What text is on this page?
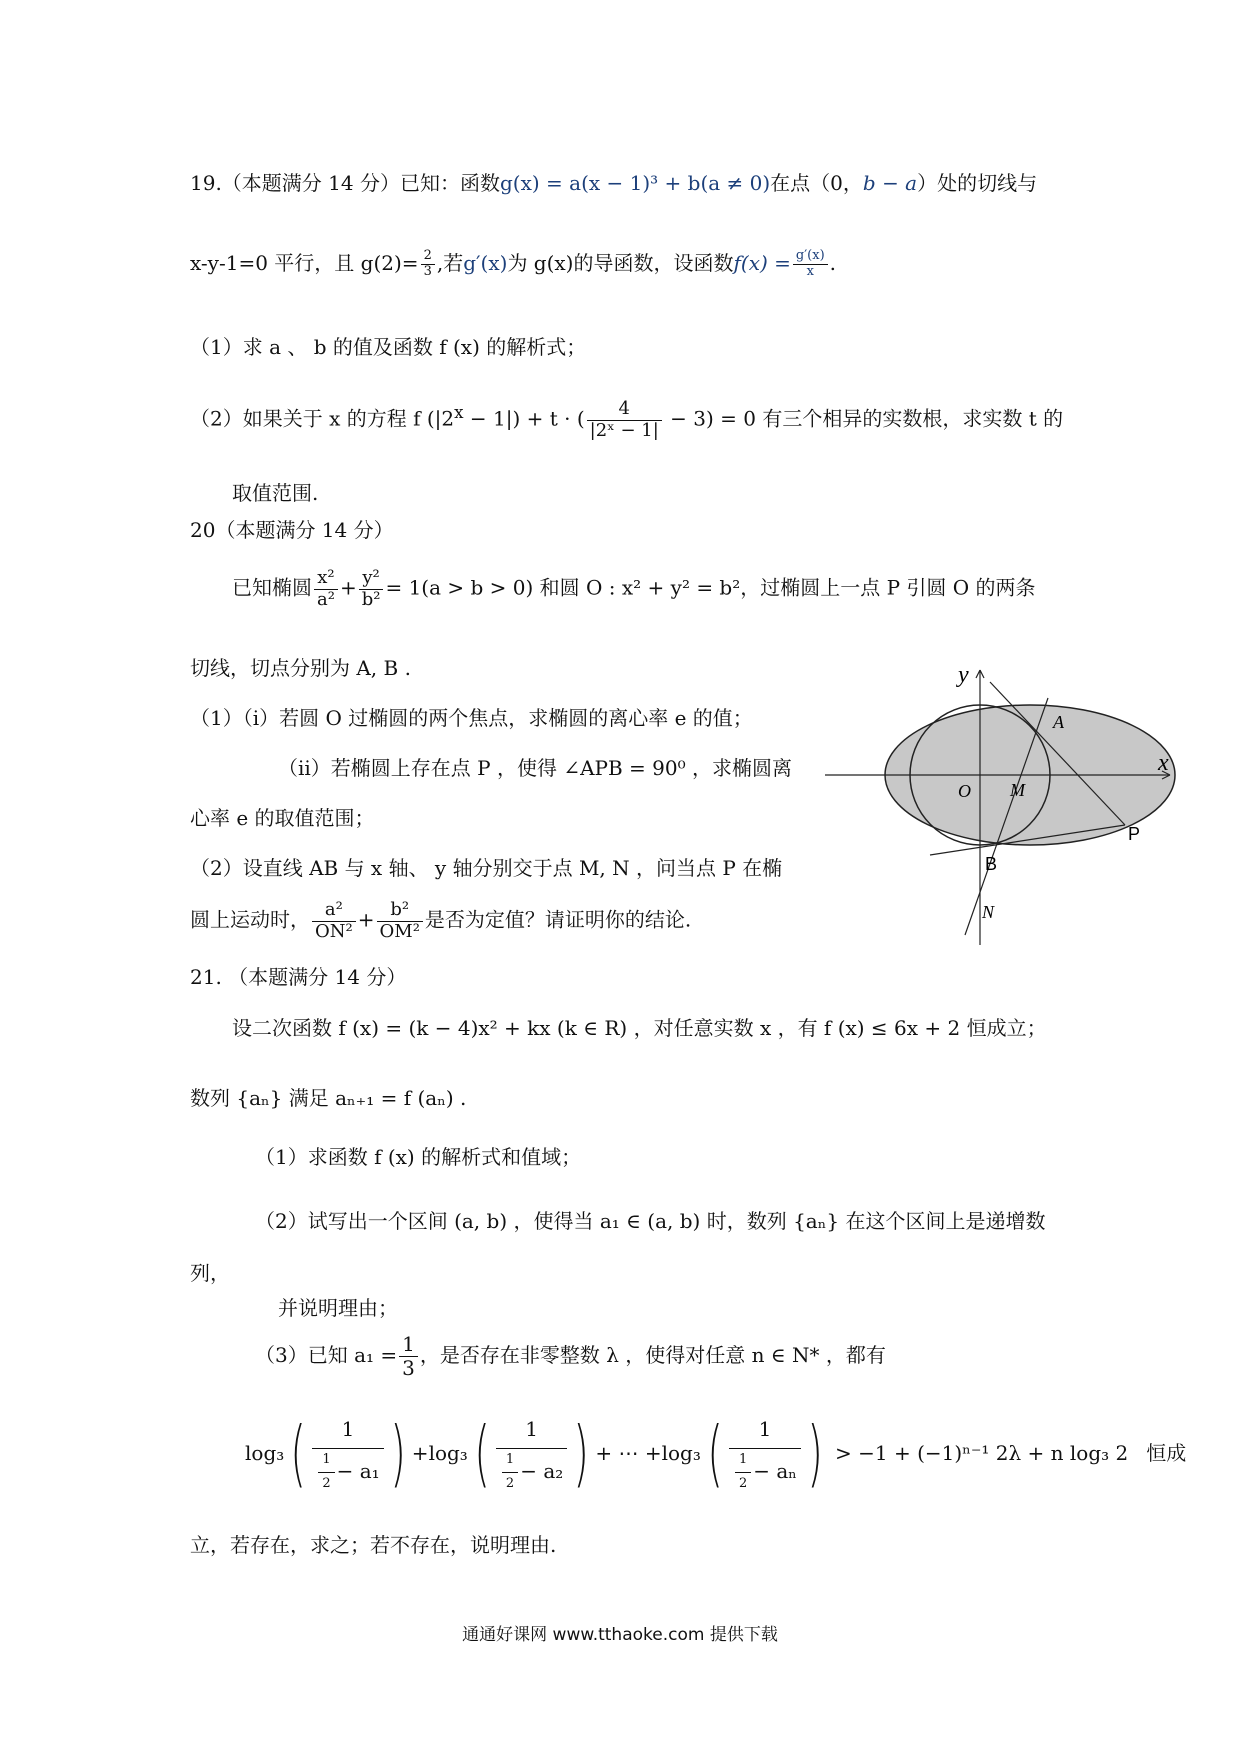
19.（本题满分 14 分）已知：函数g(x) = a(x − 1)³ + b(a ≠ 0)在点（0，b − a）处的切线与
x-y-1=0 平行，且 $g(2)= \frac{2}{3}$ ,若g′(x)为 g(x)的导函数，设函数$f(x) = \frac{g'(x)}{x}$ .
（1）求 a 、 b 的值及函数 f (x) 的解析式；
（2）如果关于 x 的方程 f $(|2^x - 1|) + t$ · ( $\frac{4}{\text{|2ˣ − 1|}} - 3) = 0$ 有三个相异的实数根，求实数 t 的
取值范围.
20（本题满分 14 分）
已知椭圆 $\frac{\text{x²}}{\text{a²}} + \frac{\text{y²}}{\text{b²}} = 1(a > b > 0)$ 和圆 O : x² + y² = b²，过椭圆上一点 P 引圆 O 的两条
切线，切点分别为 A, B .
（1）（ⅰ）若圆 O 过椭圆的两个焦点，求椭圆的离心率 e 的值；
（ⅱ）若椭圆上存在点 P ，使得 ∠APB = 90⁰ ，求椭圆离
心率 e 的取值范围；
（2）设直线 AB 与 x 轴、 y 轴分别交于点 M, N ，问当点 P 在椭
圆上运动时， $\frac{\text{a²}}{\text{ON²}} + \frac{\text{b²}}{\text{OM²}}$ 是否为定值？请证明你的结论.
y
x
O
A
M
P
B
N
21. （本题满分 14 分）
设二次函数 f (x) = (k − 4)x² + kx (k ∈ R) ，对任意实数 x ，有 f (x) ≤ 6x + 2 恒成立；
数列 {aₙ} 满足 aₙ₊₁ = f (aₙ) .
（1）求函数 f (x) 的解析式和值域；
（2）试写出一个区间 (a, b) ，使得当 a₁ ∈ (a, b) 时，数列 {aₙ} 在这个区间上是递增数
列，
并说明理由；
（3）已知 $a_1 = \frac{1}{3}$ ，是否存在非零整数 λ ，使得对任意 n ∈ N* ，都有
log₃ ( $\frac{1}{\frac{1}{2} - a_1}$ ) + log₃ ( $\frac{1}{\frac{1}{2} - a_2}$ ) + ⋯ + log₃ ( $\frac{1}{\frac{1}{2} - a_n}$ ) > −1 + (−1)ⁿ⁻¹ 2λ + n log₃ 2 恒成
立，若存在，求之；若不存在，说明理由.
通通好课网 www.tthaoke.com 提供下载
